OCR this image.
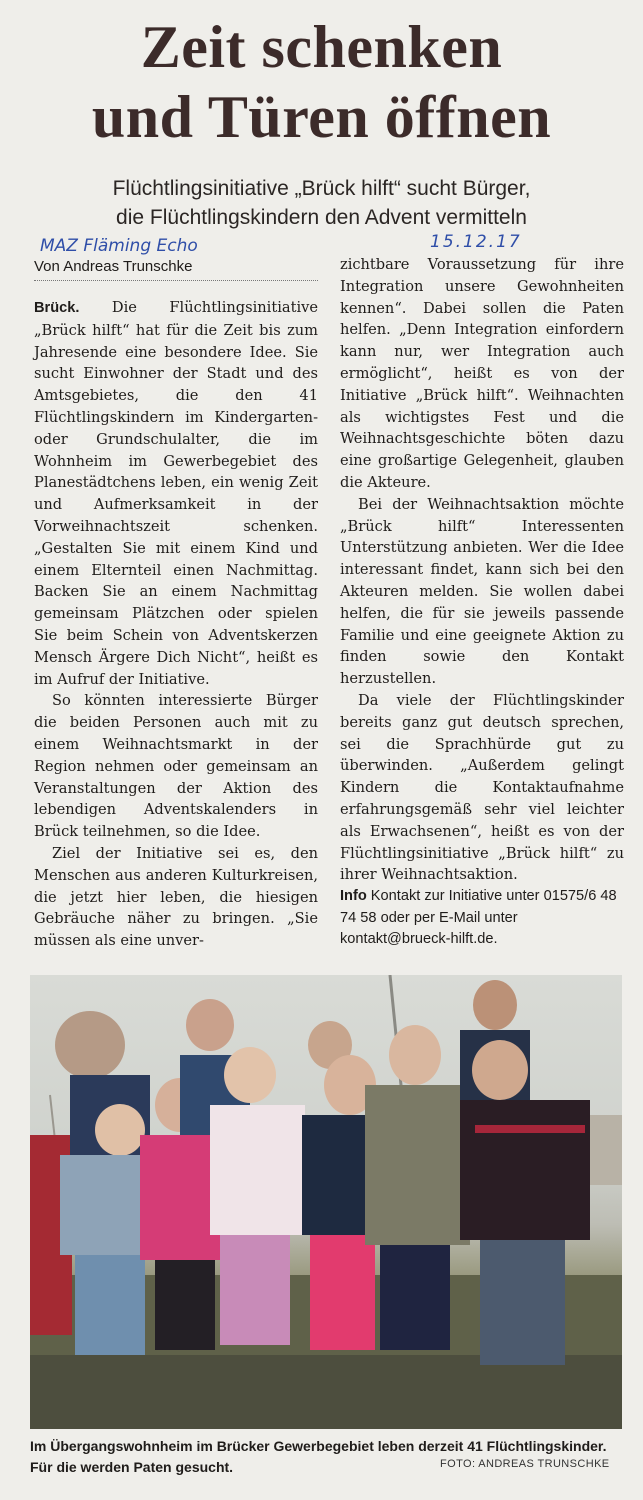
Zeit schenken
und Türen öffnen
Flüchtlingsinitiative „Brück hilft“ sucht Bürger,
die Flüchtlingskindern den Advent vermitteln
MAZ Fläming Echo	15.12.17
Von Andreas Trunschke

Brück. Die Flüchtlingsinitiative „Brück hilft“ hat für die Zeit bis zum Jahresende eine besondere Idee. Sie sucht Einwohner der Stadt und des Amtsgebietes, die den 41 Flüchtlingskindern im Kindergarten- oder Grundschulalter, die im Wohnheim im Gewerbegebiet des Planestädtchens leben, ein wenig Zeit und Aufmerksamkeit in der Vorweihnachtszeit schenken. „Gestalten Sie mit einem Kind und einem Elternteil einen Nachmittag. Backen Sie an einem Nachmittag gemeinsam Plätzchen oder spielen Sie beim Schein von Adventskerzen Mensch Ärgere Dich Nicht“, heißt es im Aufruf der Initiative.

So könnten interessierte Bürger die beiden Personen auch mit zu einem Weihnachtsmarkt in der Region nehmen oder gemeinsam an Veranstaltungen der Aktion des lebendigen Adventskalenders in Brück teilnehmen, so die Idee.

Ziel der Initiative sei es, den Menschen aus anderen Kulturkreisen, die jetzt hier leben, die hiesigen Gebräuche näher zu bringen. „Sie müssen als eine unver-

zichtbare Voraussetzung für ihre Integration unsere Gewohnheiten kennen“. Dabei sollen die Paten helfen. „Denn Integration einfordern kann nur, wer Integration auch ermöglicht“, heißt es von der Initiative „Brück hilft“. Weihnachten als wichtigstes Fest und die Weihnachtsgeschichte böten dazu eine großartige Gelegenheit, glauben die Akteure.

Bei der Weihnachtsaktion möchte „Brück hilft“ Interessenten Unterstützung anbieten. Wer die Idee interessant findet, kann sich bei den Akteuren melden. Sie wollen dabei helfen, die für sie jeweils passende Familie und eine geeignete Aktion zu finden sowie den Kontakt herzustellen.

Da viele der Flüchtlingskinder bereits ganz gut deutsch sprechen, sei die Sprachhürde gut zu überwinden. „Außerdem gelingt Kindern die Kontaktaufnahme erfahrungsgemäß sehr viel leichter als Erwachsenen“, heißt es von der Flüchtlingsinitiative „Brück hilft“ zu ihrer Weihnachtsaktion.

Info Kontakt zur Initiative unter 01575/6 48 74 58 oder per E-Mail unter kontakt@brueck-hilft.de.
Im Übergangswohnheim im Brücker Gewerbegebiet leben derzeit 41 Flüchtlingskinder. Für die werden Paten gesucht.	FOTO: ANDREAS TRUNSCHKE
